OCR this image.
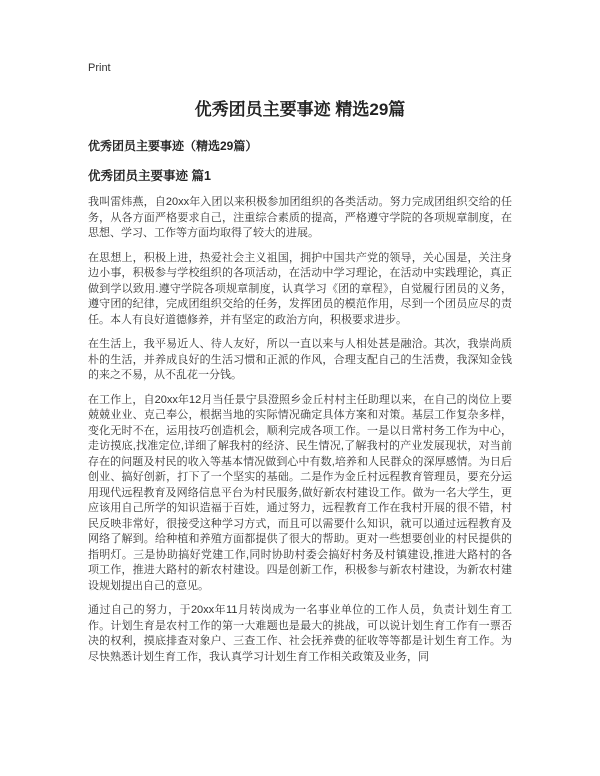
Print
优秀团员主要事迹 精选29篇
优秀团员主要事迹（精选29篇）
优秀团员主要事迹 篇1

我叫雷炜燕，自20xx年入团以来积极参加团组织的各类活动。努力完成团组织交给的任务，从各方面严格要求自己，注重综合素质的提高，严格遵守学院的各项规章制度，在思想、学习、工作等方面均取得了较大的进展。

在思想上，积极上进，热爱社会主义祖国，拥护中国共产党的领导，关心国是，关注身边小事，积极参与学校组织的各项活动，在活动中学习理论，在活动中实践理论，真正做到学以致用.遵守学院各项规章制度，认真学习《团的章程》，自觉履行团员的义务，遵守团的纪律，完成团组织交给的任务，发挥团员的模范作用，尽到一个团员应尽的责任。本人有良好道德修养，并有坚定的政治方向，积极要求进步。

在生活上，我平易近人、待人友好，所以一直以来与人相处甚是融洽。其次，我崇尚质朴的生活，并养成良好的生活习惯和正派的作风，合理支配自己的生活费，我深知金钱的来之不易，从不乱花一分钱。

在工作上，自20xx年12月当任景宁县澄照乡金丘村村主任助理以来，在自己的岗位上要兢兢业业、克己奉公，根据当地的实际情况确定具体方案和对策。基层工作复杂多样，变化无时不在，运用技巧创造机会，顺利完成各项工作。一是以日常村务工作为中心，走访摸底,找准定位,详细了解我村的经济、民生情况,了解我村的产业发展现状，对当前存在的问题及村民的收入等基本情况做到心中有数,培养和人民群众的深厚感情。为日后创业、搞好创新，打下了一个坚实的基础。二是作为金丘村远程教育管理员，要充分运用现代远程教育及网络信息平台为村民服务,做好新农村建设工作。做为一名大学生，更应该用自己所学的知识造福于百姓，通过努力，远程教育工作在我村开展的很不错，村民反映非常好，很接受这种学习方式，而且可以需要什么知识，就可以通过远程教育及网络了解到。给种植和养殖方面都提供了很大的帮助。更对一些想要创业的村民提供的指明灯。三是协助搞好党建工作,同时协助村委会搞好村务及村镇建设,推进大路村的各项工作，推进大路村的新农村建设。四是创新工作，积极参与新农村建设，为新农村建设规划提出自己的意见。

通过自己的努力，于20xx年11月转岗成为一名事业单位的工作人员，负责计划生育工作。计划生育是农村工作的第一大难题也是最大的挑战，可以说计划生育工作有一票否决的权利，摸底排查对象户、三查工作、社会抚养费的征收等等都是计划生育工作。为尽快熟悉计划生育工作，我认真学习计划生育工作相关政策及业务，同
